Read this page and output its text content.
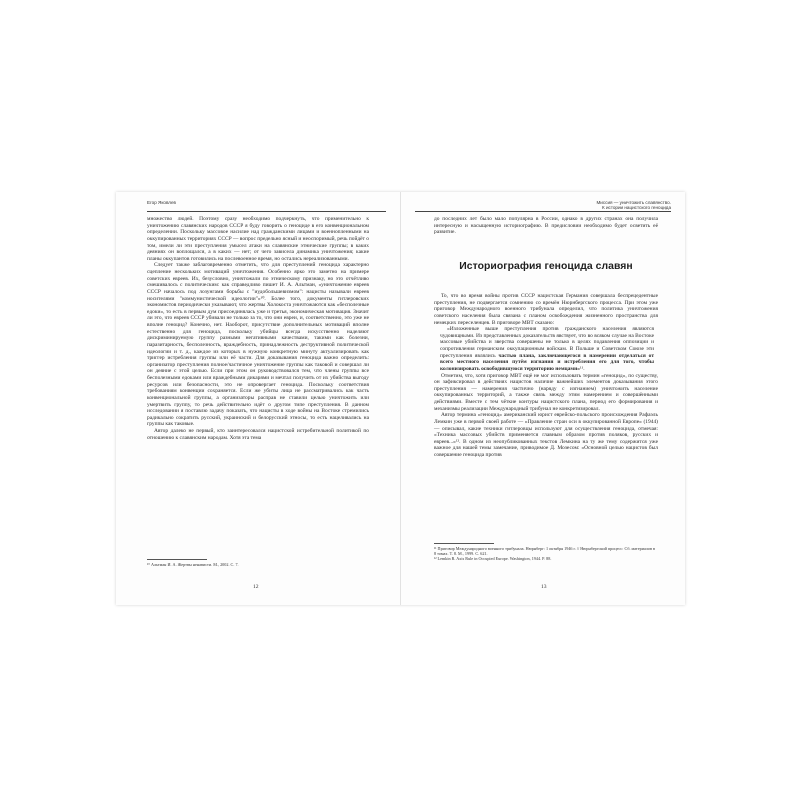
Егор Яковлев

множество людей. Поэтому сразу необходимо подчеркнуть, что применительно к уничтожению славянских народов СССР я буду говорить о геноциде в его конвенциональном определении. Поскольку массовое насилие над гражданскими лицами и военнопленными на оккупированных территориях СССР — вопрос предельно ясный и неоспоримый, речь пойдёт о том, имели ли эти преступления умысел атаки на славянские этнические группы; в каких деяниях он воплощался, а в каких — нет; от чего зависела динамика уничтожения; какие планы оккупантов готовились на послевоенное время, но остались нереализованными.

Следует также заблаговременно отметить, что для преступлений геноцида характерно сцепление нескольких мотиваций уничтожения. Особенно ярко это заметно на примере советских евреев. Их, безусловно, уничтожали по этническому признаку, но это отчётливо смешивалось с политическим: как справедливо пишет И. А. Альтман, «уничтожение евреев СССР началось под лозунгами борьбы с "иудобольшевизмом": нацисты называли евреев носителями "коммунистической идеологии"»¹⁰. Более того, документы гитлеровских экономистов периодически указывают, что жертвы Холокоста уничтожаются как «бесполезные едоки», то есть в первым дум присоединялась уже и третья, экономическая мотивация. Значит ли это, что евреев СССР убивали не только за то, что они евреи, и, соответственно, это уже не вполне геноцид? Конечно, нет. Наоборот, присутствие дополнительных мотиваций вполне естественно для геноцида, поскольку убийцы всегда искусственно наделяют дискриминируемую группу разными негативными качествами, такими как болезни, паразитарность, бесполезность, враждебность, принадлежность деструктивной политической идеологии и т. д., каждое из которых в нужную конкретную минуту актуализировать как триггер истребления группы или её части. Для доказывания геноцида важно определить: организатор преступления полное/частичное уничтожение группы как таковой и совершал ли он деяние с этой целью. Если при этом он руководствовался тем, что члены группы все бесполезными едоками или враждебными дикарями и мечтал получить от их убийства выгоду ресурсов или безопасности, это не опровергает геноцида. Поскольку соответствия требованиям конвенции сохраняется. Если же убиты лица не рассматривались как часть конвенциональной группы, а организаторы расправ не ставили целью уничтожить или умертвить группу, то речь действительно идёт о другом типе преступления. В данном исследовании я поставлю задачу показать, что нацисты в ходе войны на Востоке стремились радикально сократить русский, украинский и белорусский этносы, то есть нацеливались на группы как таковые.

Автор далеко не первый, кто заинтересовался нацистской истребительной политикой по отношению к славянским народам. Хотя эта тема

¹⁰ Альтман И. А. Жертвы ненависти. М., 2002. С. 7.
12
Миссия — уничтожить славянство.
К истории нацистского геноцида

до последних лет было мало популярна в России, однако в других странах она получила интересную и насыщенную историографию. В предисловии необходимо будет осветить её развитие.

Историография геноцида славян

То, что во время войны против СССР нацистская Германия совершала беспрецедентные преступления, не подвергается сомнению со времён Нюрнбергского процесса. При этом уже приговор Международного военного трибунала определил, что политика уничтожения советского населения была связана с планом освобождения жизненного пространства для немецких переселенцев. В приговоре МВТ сказано:

«Изложенные выше преступления против гражданского населения являются чудовищными. Из представленных доказательств явствует, что во всяком случае на Востоке массовые убийства и зверства совершены не только в целях подавления оппозиции и сопротивления германским оккупационным войскам. В Польше и Советском Союзе эти преступления являлись частью плана, заключающегося в намерении отделаться от всего местного населения путём изгнания и истребления его для того, чтобы колонизировать освободившуюся территорию немцами»¹¹.

Отметим, что, хотя приговор МВТ ещё не мог использовать термин «геноцид», по существу, он зафиксировал в действиях нацистов наличие важнейших элементов доказывания этого преступления — намерения частично (наряду с изгнанием) уничтожить население оккупированных территорий, а также связь между этим намерением и совершёнными действиями. Вместе с тем чёткие контуры нацистского плана, период его формирования и механизмы реализации Международный трибунал не конкретизировал.

Автор термина «геноцид» американский юрист еврейско-польского происхождения Рафаэль Лемкин уже в первой своей работе — «Правление стран оси в оккупированной Европе» (1944) — описывал, какие техники гитлеровцы используют для осуществления геноцида, отмечая: «Техника массовых убийств применяется главным образом против поляков, русских и евреев...»¹². В одном из неопубликованных текстов Лемкина на ту же тему содержится уже важное для нашей темы замечание, приводимое Д. Мозесом: «Основной целью нацистов был совершение геноцида против

¹¹ Приговор Международного военного трибунала. Нюрнберг: 1 октября 1946 г. // Нюрнбергский процесс: Сб. материалов в 8 томах. Т. 8. М., 1999. С. 621.
¹² Lemkin R. Axis Rule in Occupied Europe. Washington, 1944. P. 88.
13
